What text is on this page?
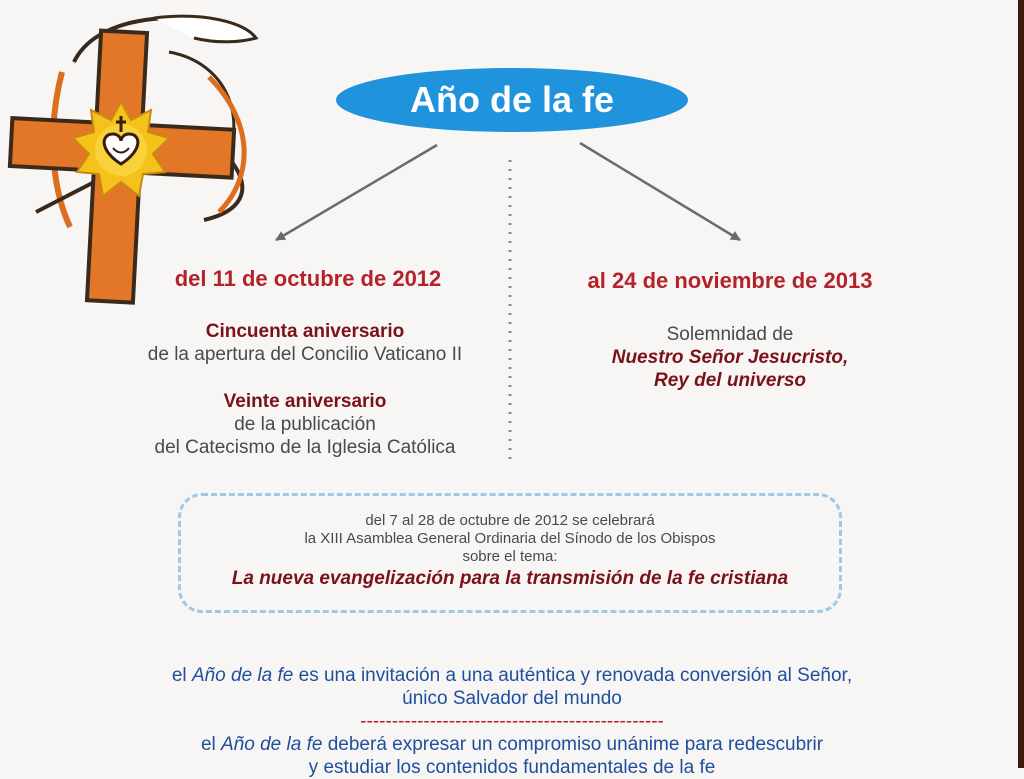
Año de la fe
del 11 de octubre de 2012	al 24 de noviembre de 2013
Cincuenta aniversario
de la apertura del Concilio Vaticano II
Veinte aniversario
de la publicación
del Catecismo de la Iglesia Católica
Solemnidad de
Nuestro Señor Jesucristo,
Rey del universo
del 7 al 28 de octubre de 2012 se celebrará
la XIII Asamblea General Ordinaria del Sínodo de los Obispos
sobre el tema:
La nueva evangelización para la transmisión de la fe cristiana
el Año de la fe es una invitación a una auténtica y renovada conversión al Señor,
único Salvador del mundo
------------------------------------------------
el Año de la fe deberá expresar un compromiso unánime para redescubrir
y estudiar los contenidos fundamentales de la fe
